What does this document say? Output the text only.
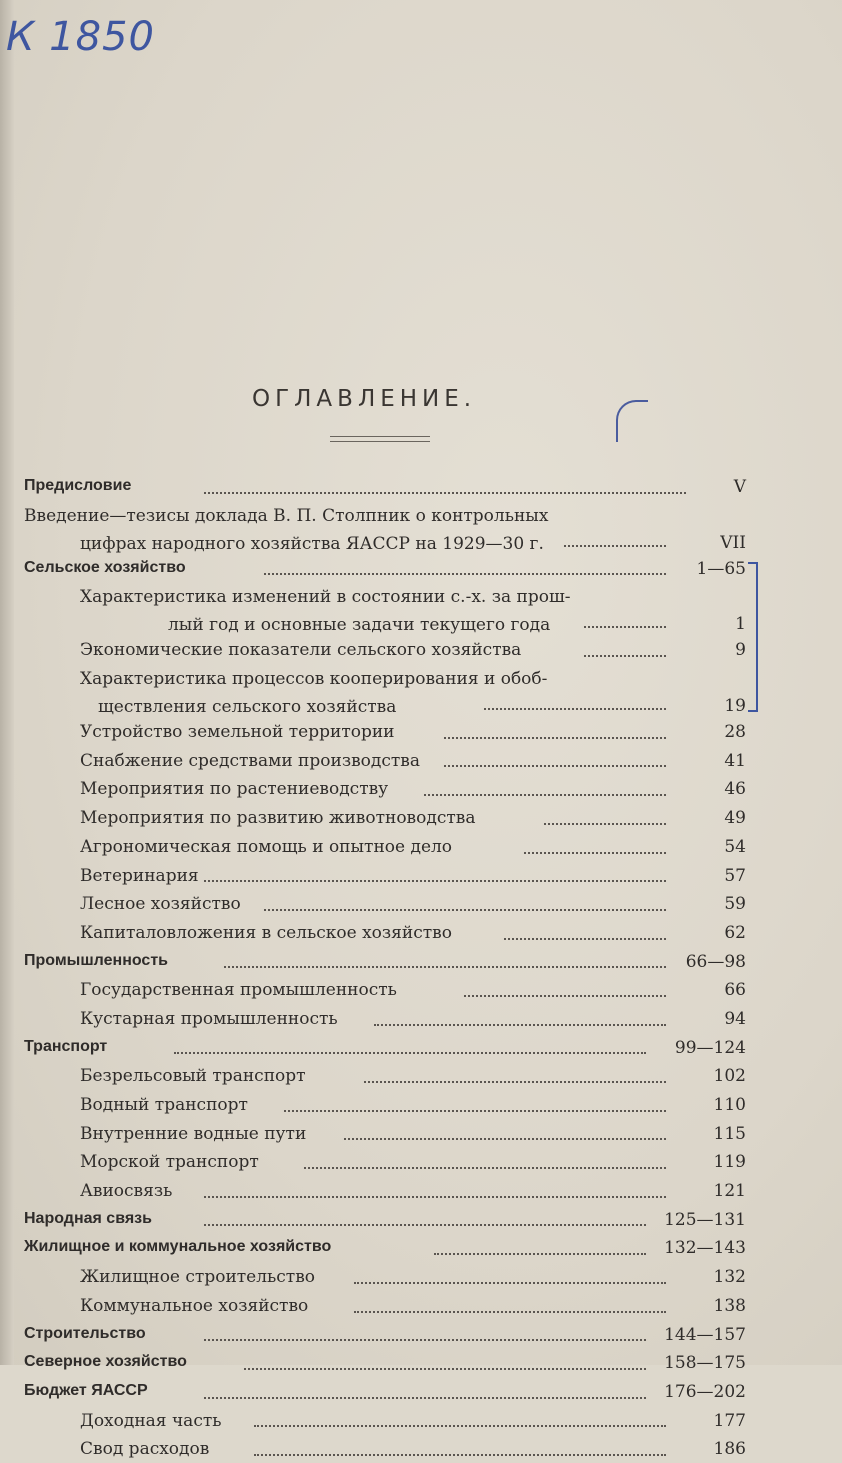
К 1850
ОГЛАВЛЕНИЕ.
Предисловие	V
Введение—тезисы доклада В. П. Столпник о контрольных
цифрах народного хозяйства ЯАССР на 1929—30 г.	VII
Сельское хозяйство	1—65
Характеристика изменений в состоянии с.-х. за прош-
лый год и основные задачи текущего года	1
Экономические показатели сельского хозяйства	9
Характеристика процессов кооперирования и обоб-
ществления сельского хозяйства	19
Устройство земельной территории	28
Снабжение средствами производства	41
Мероприятия по растениеводству	46
Мероприятия по развитию животноводства	49
Агрономическая помощь и опытное дело	54
Ветеринария	57
Лесное хозяйство	59
Капиталовложения в сельское хозяйство	62
Промышленность	66—98
Государственная промышленность	66
Кустарная промышленность	94
Транспорт	99—124
Безрельсовый транспорт	102
Водный транспорт	110
Внутренние водные пути	115
Морской транспорт	119
Авиосвязь	121
Народная связь	125—131
Жилищное и коммунальное хозяйство	132—143
Жилищное строительство	132
Коммунальное хозяйство	138
Строительство	144—157
Северное хозяйство	158—175
Бюджет ЯАССР	176—202
Доходная часть	177
Свод расходов	186
